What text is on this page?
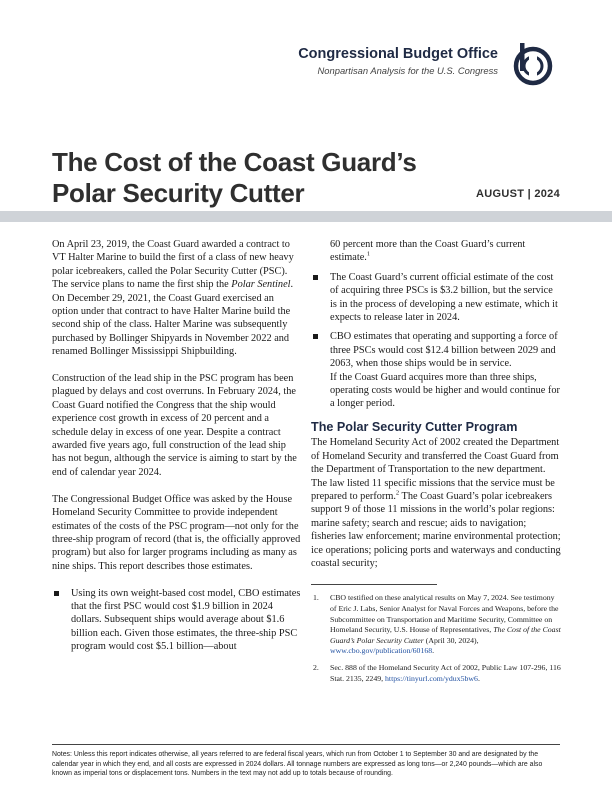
Congressional Budget Office
Nonpartisan Analysis for the U.S. Congress
The Cost of the Coast Guard’s
Polar Security Cutter	AUGUST | 2024

On April 23, 2019, the Coast Guard awarded a contract to VT Halter Marine to build the first of a class of new heavy polar icebreakers, called the Polar Security Cutter (PSC). The service plans to name the first ship the Polar Sentinel. On December 29, 2021, the Coast Guard exercised an option under that contract to have Halter Marine build the second ship of the class. Halter Marine was subsequently purchased by Bollinger Shipyards in November 2022 and renamed Bollinger Mississippi Shipbuilding.

Construction of the lead ship in the PSC program has been plagued by delays and cost overruns. In February 2024, the Coast Guard notified the Congress that the ship would experience cost growth in excess of 20 percent and a schedule delay in excess of one year. Despite a contract awarded five years ago, full construction of the lead ship has not begun, although the service is aiming to start by the end of calendar year 2024.

The Congressional Budget Office was asked by the House Homeland Security Committee to provide independent estimates of the costs of the PSC program—not only for the three-ship program of record (that is, the officially approved program) but also for larger programs including as many as nine ships. This report describes those estimates.

Using its own weight-based cost model, CBO estimates that the first PSC would cost $1.9 billion in 2024 dollars. Subsequent ships would average about $1.6 billion each. Given those estimates, the three-ship PSC program would cost $5.1 billion—about
60 percent more than the Coast Guard’s current estimate.$^1$
The Coast Guard’s current official estimate of the cost of acquiring three PSCs is $3.2 billion, but the service is in the process of developing a new estimate, which it expects to release later in 2024.
CBO estimates that operating and supporting a force of three PSCs would cost $12.4 billion between 2029 and 2063, when those ships would be in service.
If the Coast Guard acquires more than three ships, operating costs would be higher and would continue for a longer period.
The Polar Security Cutter Program

The Homeland Security Act of 2002 created the Department of Homeland Security and transferred the Coast Guard from the Department of Transportation to the new department. The law listed 11 specific missions that the service must be prepared to perform.$^2$ The Coast Guard’s polar icebreakers support 9 of those 11 missions in the world’s polar regions: marine safety; search and rescue; aids to navigation; fisheries law enforcement; marine environmental protection; ice operations; policing ports and waterways and conducting coastal security;

1. CBO testified on these analytical results on May 7, 2024. See testimony of Eric J. Labs, Senior Analyst for Naval Forces and Weapons, before the Subcommittee on Transportation and Maritime Security, Committee on Homeland Security, U.S. House of Representatives, The Cost of the Coast Guard’s Polar Security Cutter (April 30, 2024), www.cbo.gov/publication/60168.
2. Sec. 888 of the Homeland Security Act of 2002, Public Law 107-296, 116 Stat. 2135, 2249, https://tinyurl.com/ydux5bw6.
Notes: Unless this report indicates otherwise, all years referred to are federal fiscal years, which run from October 1 to September 30 and are designated by the calendar year in which they end, and all costs are expressed in 2024 dollars. All tonnage numbers are expressed as long tons—or 2,240 pounds—which are also known as imperial tons or displacement tons. Numbers in the text may not add up to totals because of rounding.
